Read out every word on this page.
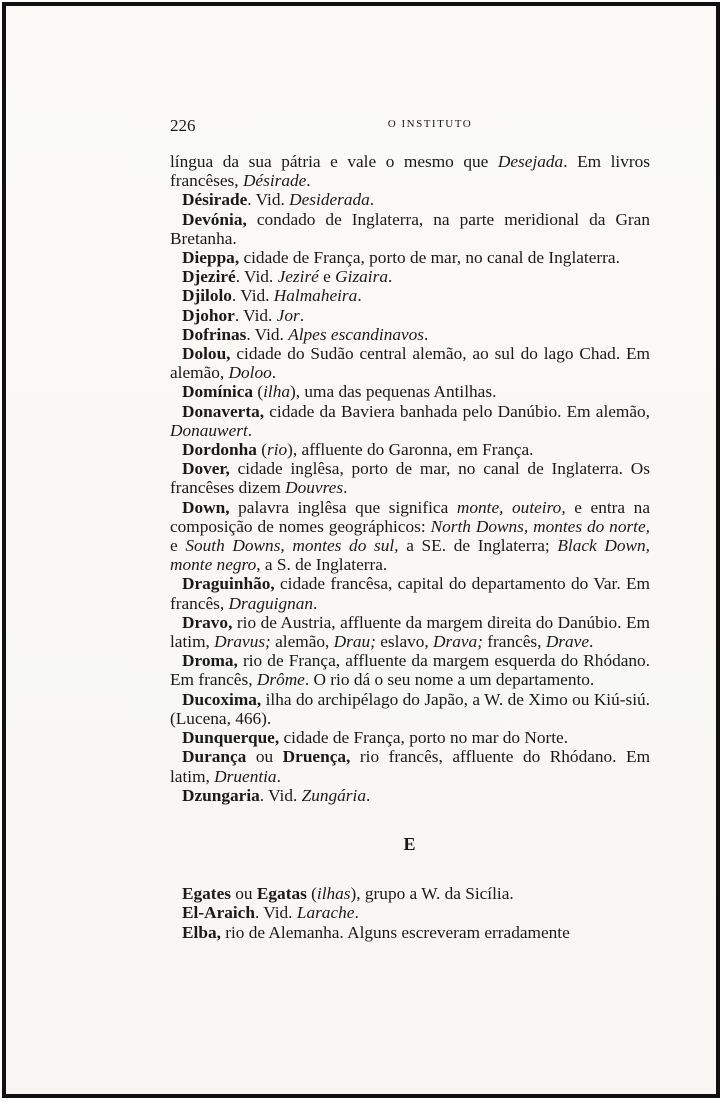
226	O INSTITUTO

língua da sua pátria e vale o mesmo que Desejada. Em livros francêses, Désirade.

Désirade. Vid. Desiderada.

Devónia, condado de Inglaterra, na parte meridional da Gran Bretanha.

Dieppa, cidade de França, porto de mar, no canal de Inglaterra.

Djeziré. Vid. Jeziré e Gizaira.

Djilolo. Vid. Halmaheira.

Djohor. Vid. Jor.

Dofrinas. Vid. Alpes escandinavos.

Dolou, cidade do Sudão central alemão, ao sul do lago Chad. Em alemão, Doloo.

Domínica (ilha), uma das pequenas Antilhas.

Donaverta, cidade da Baviera banhada pelo Danúbio. Em alemão, Donauwert.

Dordonha (rio), affluente do Garonna, em França.

Dover, cidade inglêsa, porto de mar, no canal de Inglaterra. Os francêses dizem Douvres.

Down, palavra inglêsa que significa monte, outeiro, e entra na composição de nomes geográphicos: North Downs, montes do norte, e South Downs, montes do sul, a SE. de Inglaterra; Black Down, monte negro, a S. de Inglaterra.

Draguinhão, cidade francêsa, capital do departamento do Var. Em francês, Draguignan.

Dravo, rio de Austria, affluente da margem direita do Danúbio. Em latim, Dravus; alemão, Drau; eslavo, Drava; francês, Drave.

Droma, rio de França, affluente da margem esquerda do Rhódano. Em francês, Drôme. O rio dá o seu nome a um departamento.

Ducoxima, ilha do archipélago do Japão, a W. de Ximo ou Kiú-siú. (Lucena, 466).

Dunquerque, cidade de França, porto no mar do Norte.

Durança ou Druença, rio francês, affluente do Rhódano. Em latim, Druentia.

Dzungaria. Vid. Zungária.

E

Egates ou Egatas (ilhas), grupo a W. da Sicília.

El-Araich. Vid. Larache.

Elba, rio de Alemanha. Alguns escreveram erradamente
